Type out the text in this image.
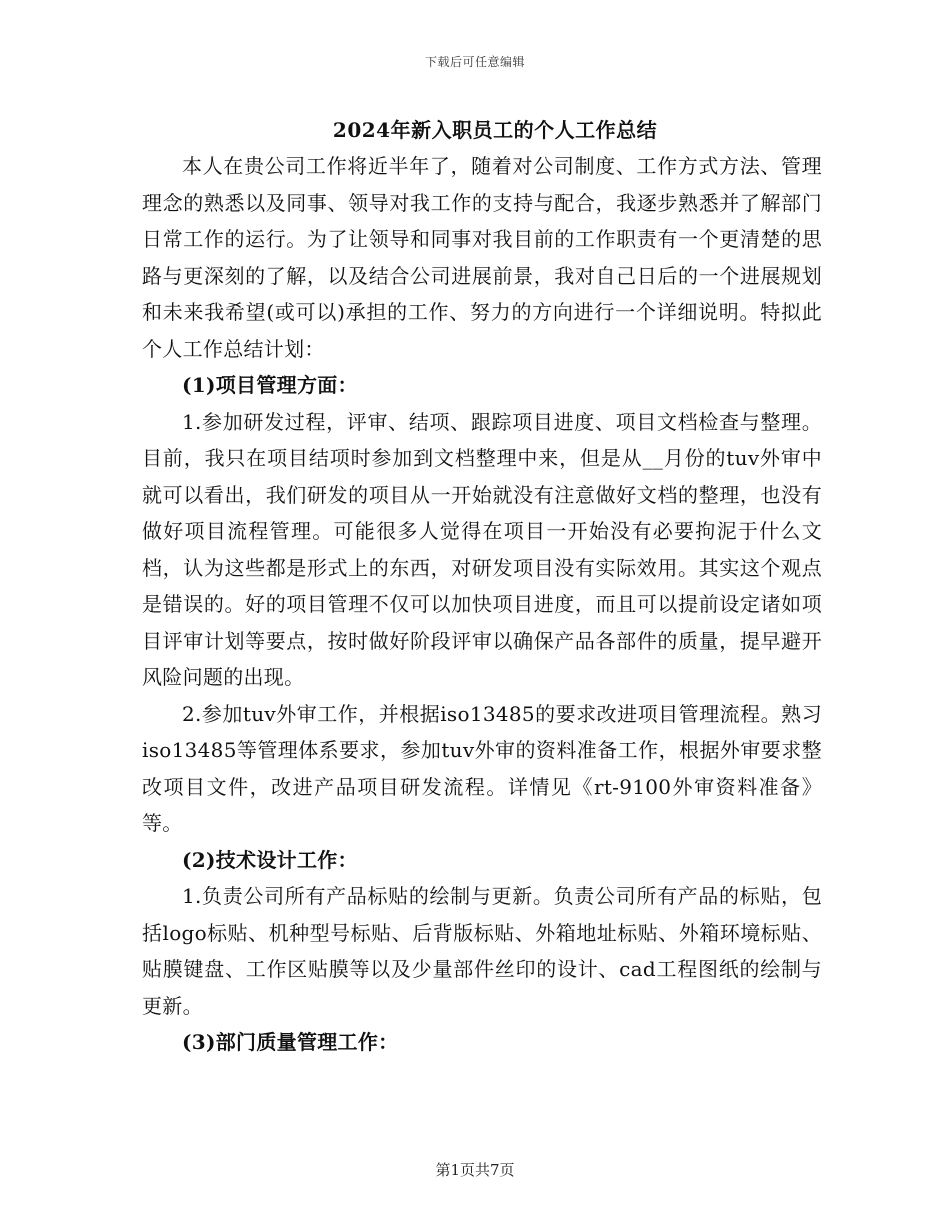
下载后可任意编辑
2024年新入职员工的个人工作总结

本人在贵公司工作将近半年了，随着对公司制度、工作方式方法、管理理念的熟悉以及同事、领导对我工作的支持与配合，我逐步熟悉并了解部门日常工作的运行。为了让领导和同事对我目前的工作职责有一个更清楚的思路与更深刻的了解，以及结合公司进展前景，我对自己日后的一个进展规划和未来我希望(或可以)承担的工作、努力的方向进行一个详细说明。特拟此个人工作总结计划：

(1)项目管理方面：

1.参加研发过程，评审、结项、跟踪项目进度、项目文档检查与整理。目前，我只在项目结项时参加到文档整理中来，但是从__月份的tuv外审中就可以看出，我们研发的项目从一开始就没有注意做好文档的整理，也没有做好项目流程管理。可能很多人觉得在项目一开始没有必要拘泥于什么文档，认为这些都是形式上的东西，对研发项目没有实际效用。其实这个观点是错误的。好的项目管理不仅可以加快项目进度，而且可以提前设定诸如项目评审计划等要点，按时做好阶段评审以确保产品各部件的质量，提早避开风险问题的出现。

2.参加tuv外审工作，并根据iso13485的要求改进项目管理流程。熟习iso13485等管理体系要求，参加tuv外审的资料准备工作，根据外审要求整改项目文件，改进产品项目研发流程。详情见《rt-9100外审资料准备》等。

(2)技术设计工作：

1.负责公司所有产品标贴的绘制与更新。负责公司所有产品的标贴，包括logo标贴、机种型号标贴、后背版标贴、外箱地址标贴、外箱环境标贴、贴膜键盘、工作区贴膜等以及少量部件丝印的设计、cad工程图纸的绘制与更新。

(3)部门质量管理工作：

第1页共7页
